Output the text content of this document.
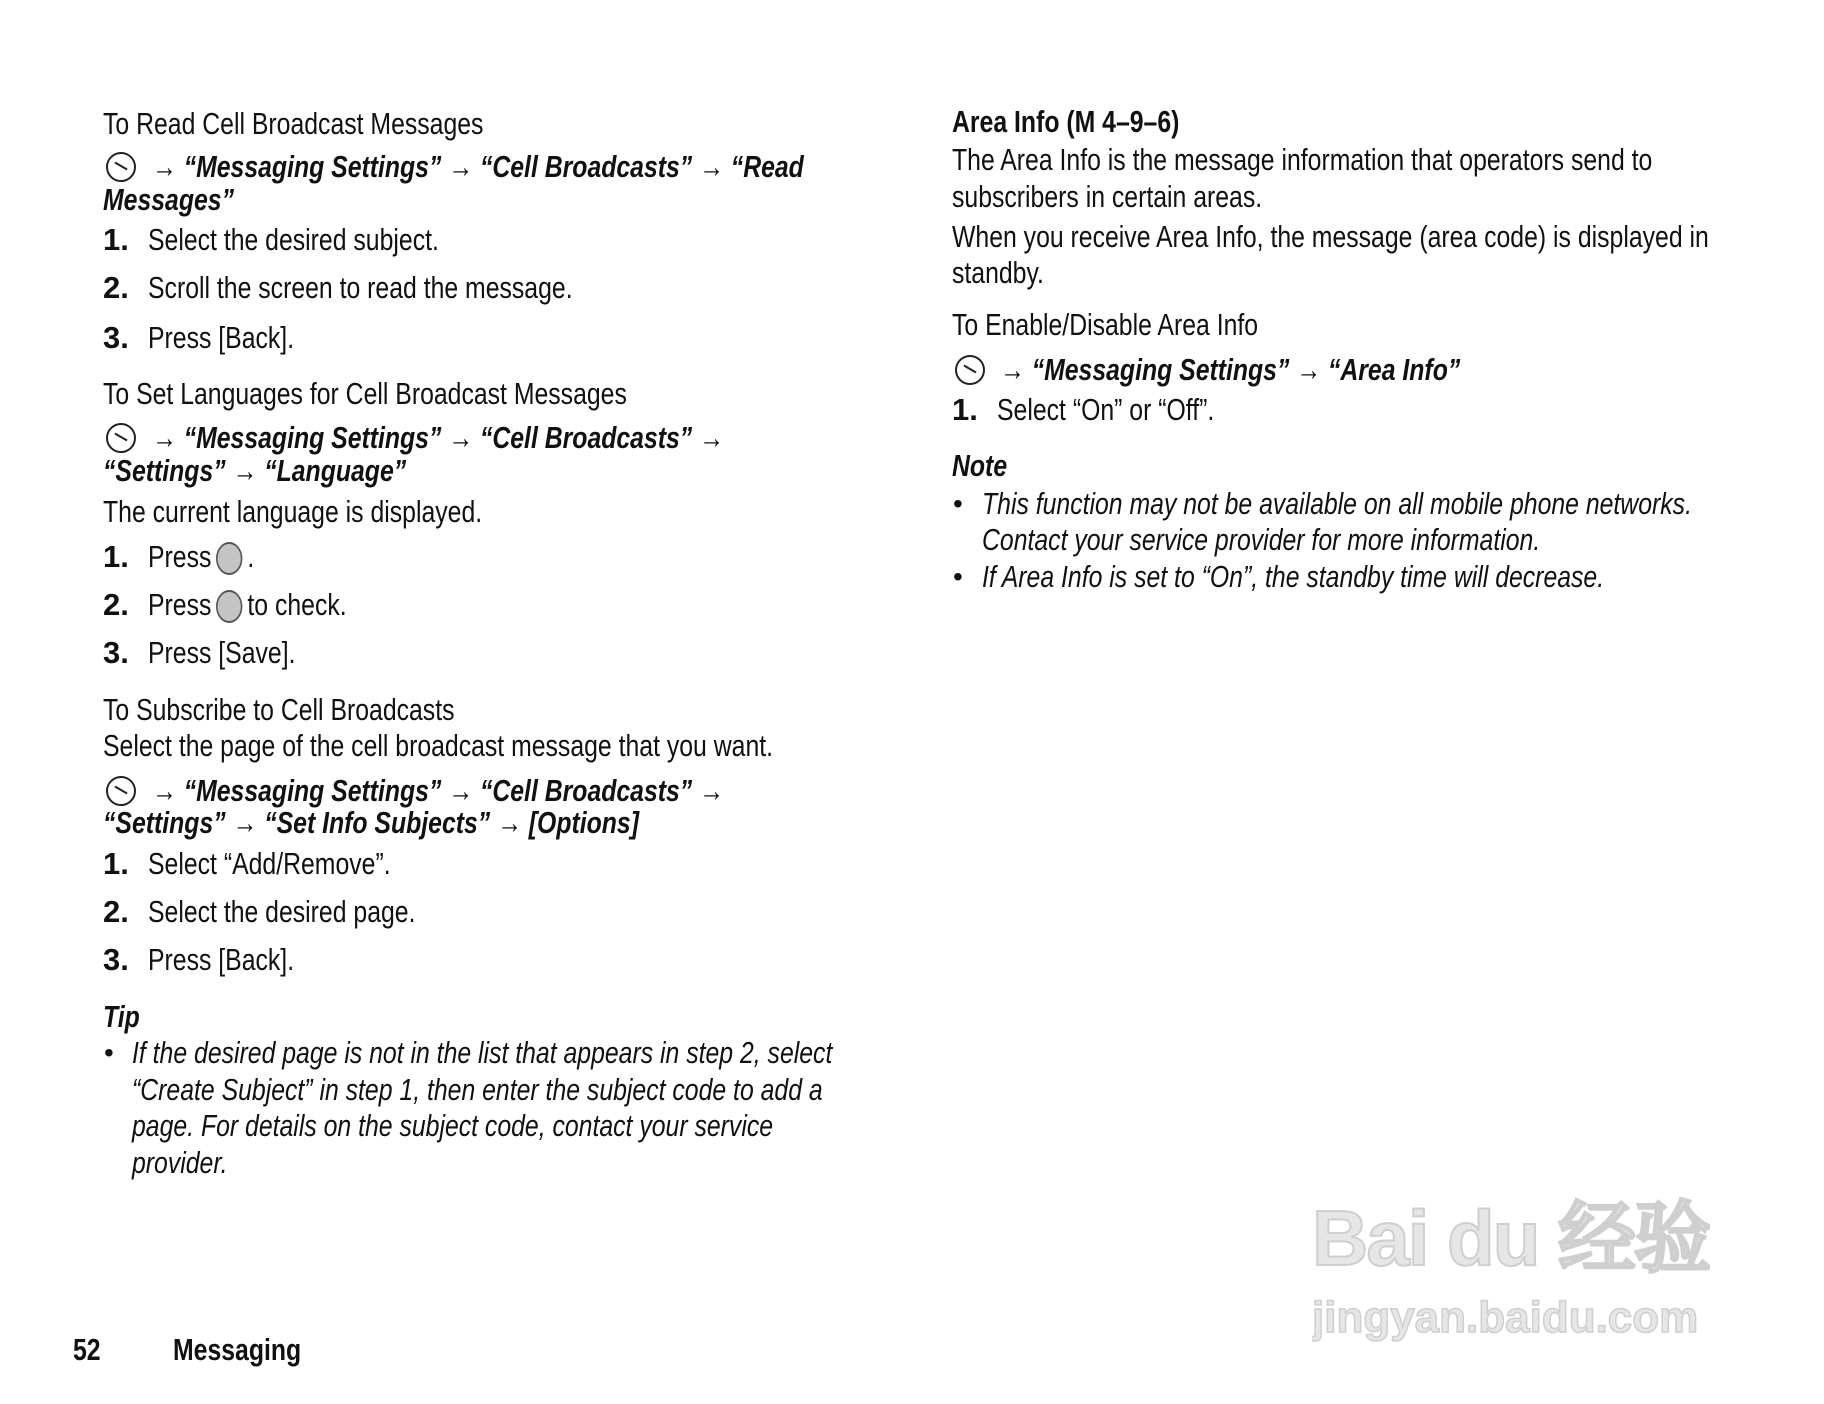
To Read Cell Broadcast Messages
→ “Messaging Settings” → “Cell Broadcasts” → “Read
Messages”
1. Select the desired subject.
2. Scroll the screen to read the message.
3. Press [Back].
To Set Languages for Cell Broadcast Messages
→ “Messaging Settings” → “Cell Broadcasts” →
“Settings” → “Language”
The current language is displayed.
1. Press .
2. Press to check.
3. Press [Save].
To Subscribe to Cell Broadcasts
Select the page of the cell broadcast message that you want.
→ “Messaging Settings” → “Cell Broadcasts” →
“Settings” → “Set Info Subjects” → [Options]
1. Select “Add/Remove”.
2. Select the desired page.
3. Press [Back].
Tip
• If the desired page is not in the list that appears in step 2, select
“Create Subject” in step 1, then enter the subject code to add a
page. For details on the subject code, contact your service
provider.
Area Info (M 4–9–6)
The Area Info is the message information that operators send to
subscribers in certain areas.
When you receive Area Info, the message (area code) is displayed in
standby.
To Enable/Disable Area Info
→ “Messaging Settings” → “Area Info”
1. Select “On” or “Off”.
Note
• This function may not be available on all mobile phone networks.
Contact your service provider for more information.
• If Area Info is set to “On”, the standby time will decrease.
52 Messaging
Bai du 经验
jingyan.baidu.com
